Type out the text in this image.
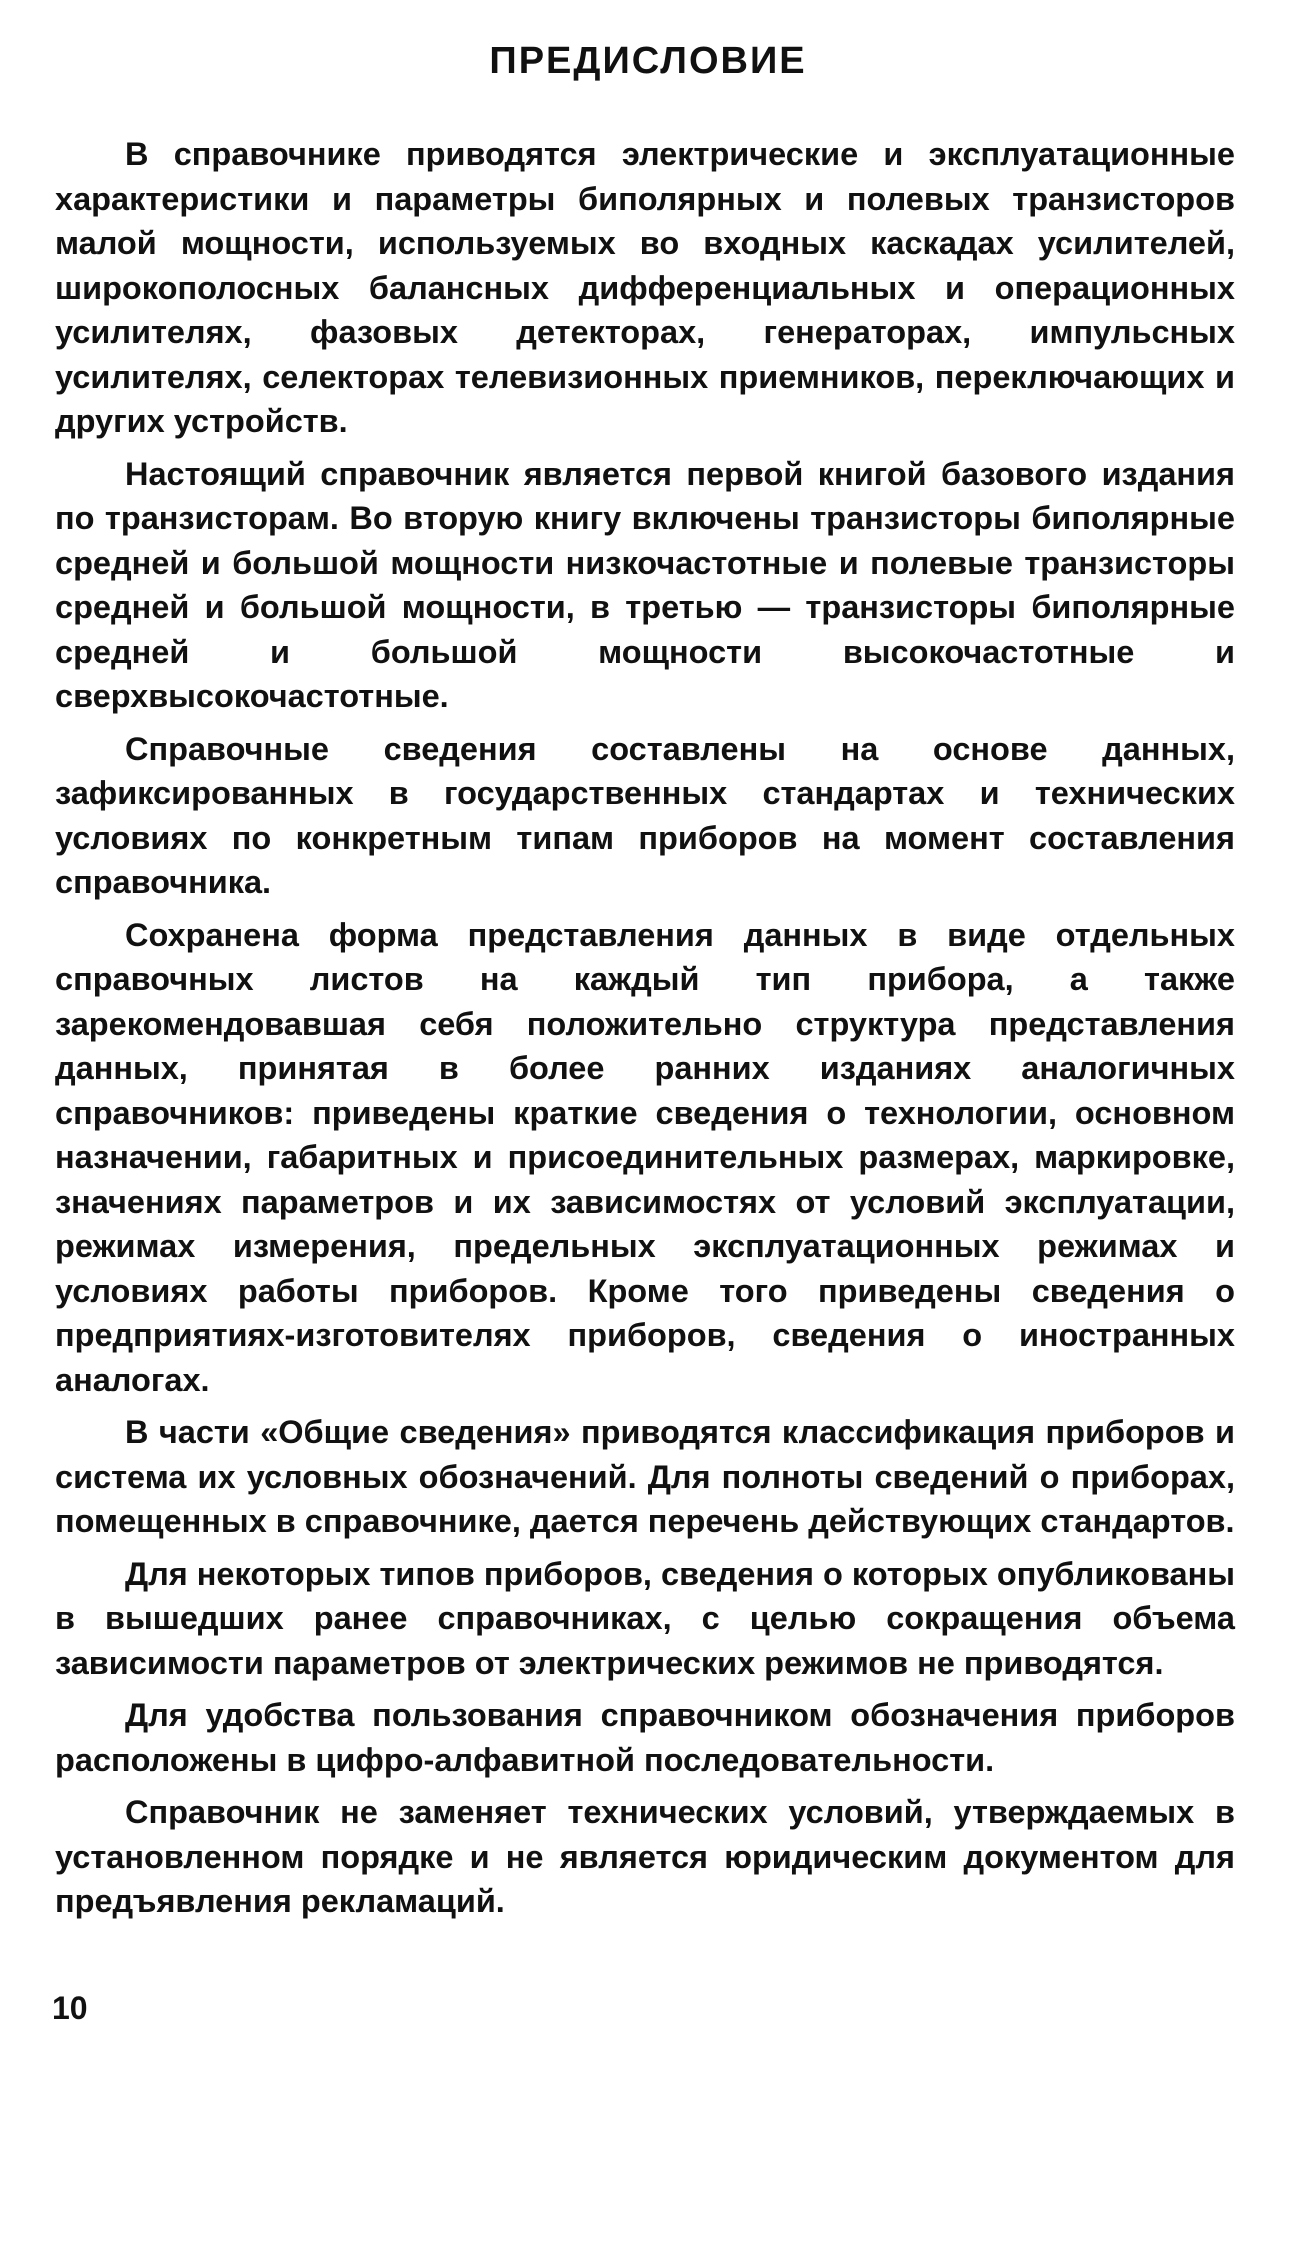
ПРЕДИСЛОВИЕ

В справочнике приводятся электрические и эксплуатационные характеристики и параметры биполярных и полевых транзисторов малой мощности, используемых во входных каскадах усилителей, широкополосных балансных дифференциальных и операционных усилителях, фазовых детекторах, генераторах, импульсных усилителях, селекторах телевизионных приемников, переключающих и других устройств.

Настоящий справочник является первой книгой базового издания по транзисторам. Во вторую книгу включены транзисторы биполярные средней и большой мощности низкочастотные и полевые транзисторы средней и большой мощности, в третью — транзисторы биполярные средней и большой мощности высокочастотные и сверхвысокочастотные.

Справочные сведения составлены на основе данных, зафиксированных в государственных стандартах и технических условиях по конкретным типам приборов на момент составления справочника.

Сохранена форма представления данных в виде отдельных справочных листов на каждый тип прибора, а также зарекомендовавшая себя положительно структура представления данных, принятая в более ранних изданиях аналогичных справочников: приведены краткие сведения о технологии, основном назначении, габаритных и присоединительных размерах, маркировке, значениях параметров и их зависимостях от условий эксплуатации, режимах измерения, предельных эксплуатационных режимах и условиях работы приборов. Кроме того приведены сведения о предприятиях-изготовителях приборов, сведения о иностранных аналогах.

В части «Общие сведения» приводятся классификация приборов и система их условных обозначений. Для полноты сведений о приборах, помещенных в справочнике, дается перечень действующих стандартов.

Для некоторых типов приборов, сведения о которых опубликованы в вышедших ранее справочниках, с целью сокращения объема зависимости параметров от электрических режимов не приводятся.

Для удобства пользования справочником обозначения приборов расположены в цифро-алфавитной последовательности.

Справочник не заменяет технических условий, утверждаемых в установленном порядке и не является юридическим документом для предъявления рекламаций.

10
